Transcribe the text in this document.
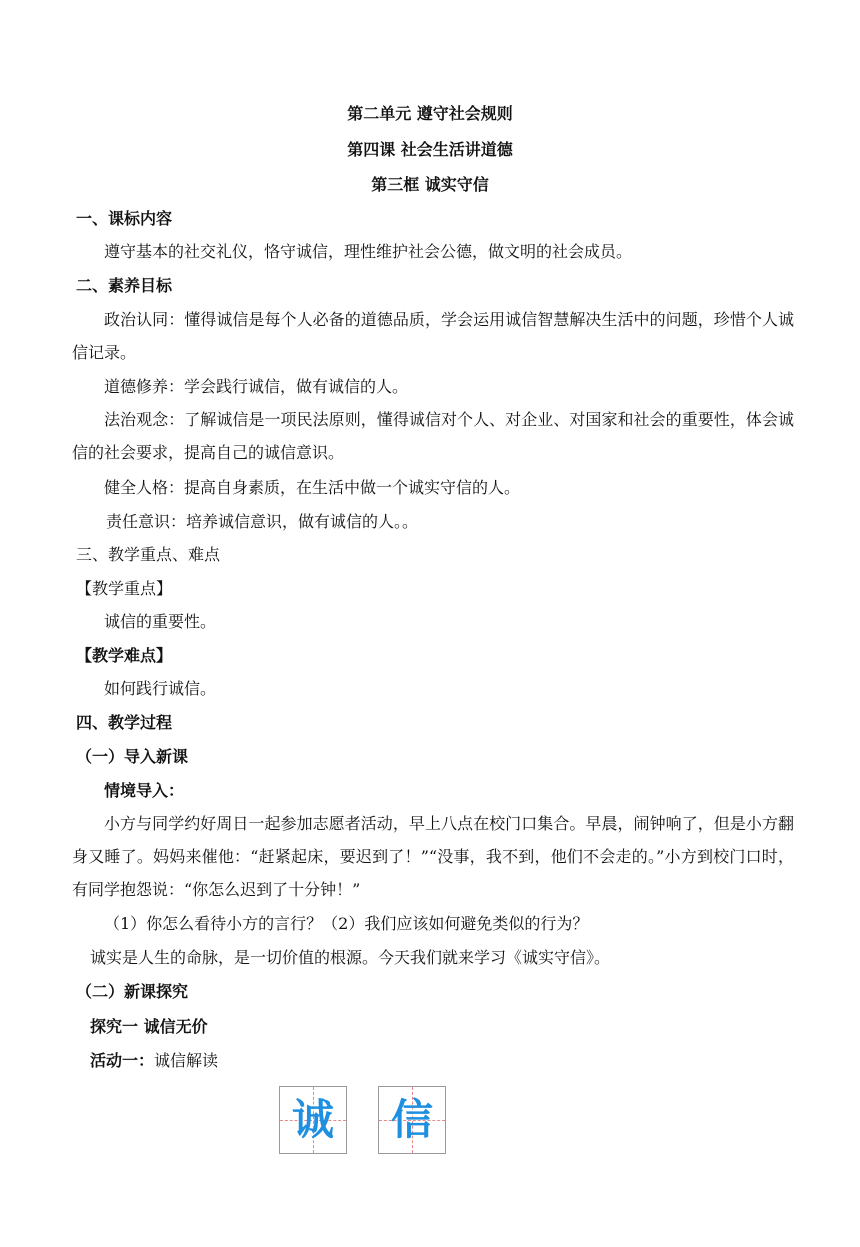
第二单元 遵守社会规则
第四课 社会生活讲道德
第三框 诚实守信
一、课标内容
遵守基本的社交礼仪，恪守诚信，理性维护社会公德，做文明的社会成员。
二、素养目标
政治认同：懂得诚信是每个人必备的道德品质，学会运用诚信智慧解决生活中的问题，珍惜个人诚信记录。
道德修养：学会践行诚信，做有诚信的人。
法治观念：了解诚信是一项民法原则，懂得诚信对个人、对企业、对国家和社会的重要性，体会诚信的社会要求，提高自己的诚信意识。
健全人格：提高自身素质，在生活中做一个诚实守信的人。
责任意识：培养诚信意识，做有诚信的人。。
三、教学重点、难点
【教学重点】
诚信的重要性。
【教学难点】
如何践行诚信。
四、教学过程
（一）导入新课
情境导入：
小方与同学约好周日一起参加志愿者活动，早上八点在校门口集合。早晨，闹钟响了，但是小方翻身又睡了。妈妈来催他：“赶紧起床，要迟到了！”“没事，我不到，他们不会走的。”小方到校门口时，有同学抱怨说：“你怎么迟到了十分钟！”
（1）你怎么看待小方的言行？（2）我们应该如何避免类似的行为？
诚实是人生的命脉，是一切价值的根源。今天我们就来学习《诚实守信》。
（二）新课探究
探究一 诚信无价
活动一：诚信解读
诚 信
